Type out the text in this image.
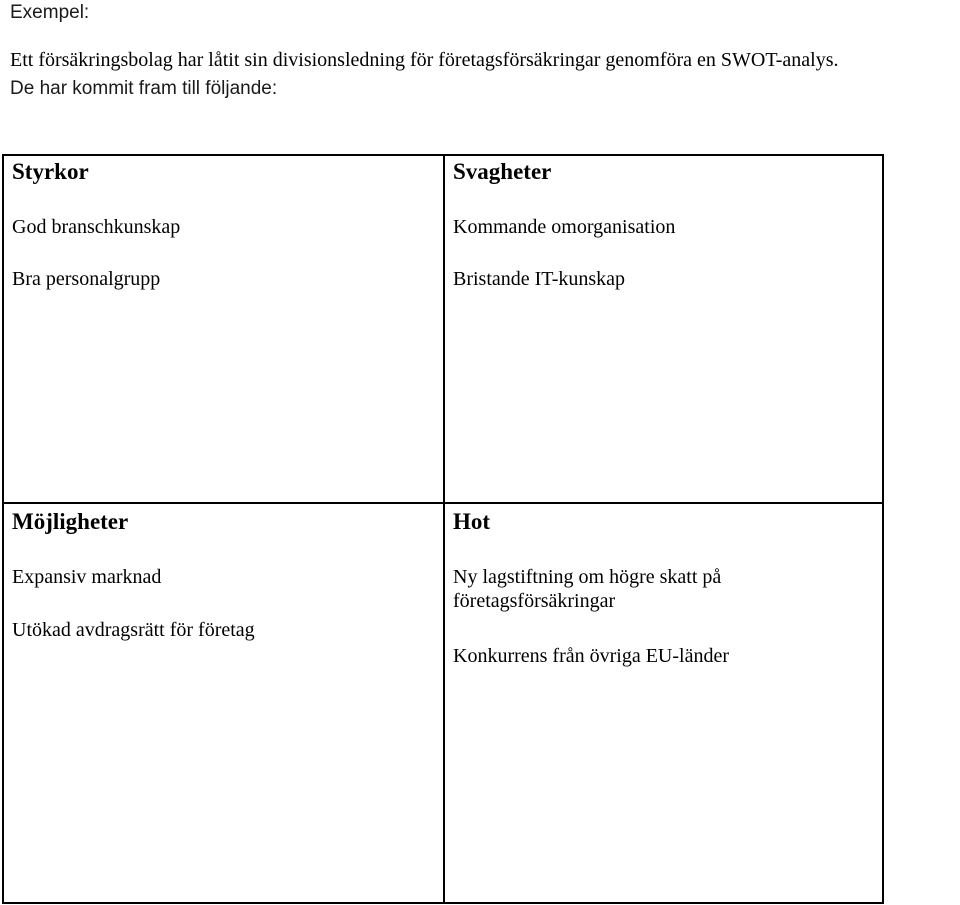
Exempel:
Ett försäkringsbolag har låtit sin divisionsledning för företagsförsäkringar genomföra en SWOT-analys.
De har kommit fram till följande:
Styrkor
God branschkunskap
Bra personalgrupp
Svagheter
Kommande omorganisation
Bristande IT-kunskap
Möjligheter
Expansiv marknad
Utökad avdragsrätt för företag
Hot
Ny lagstiftning om högre skatt på företagsförsäkringar
Konkurrens från övriga EU-länder
